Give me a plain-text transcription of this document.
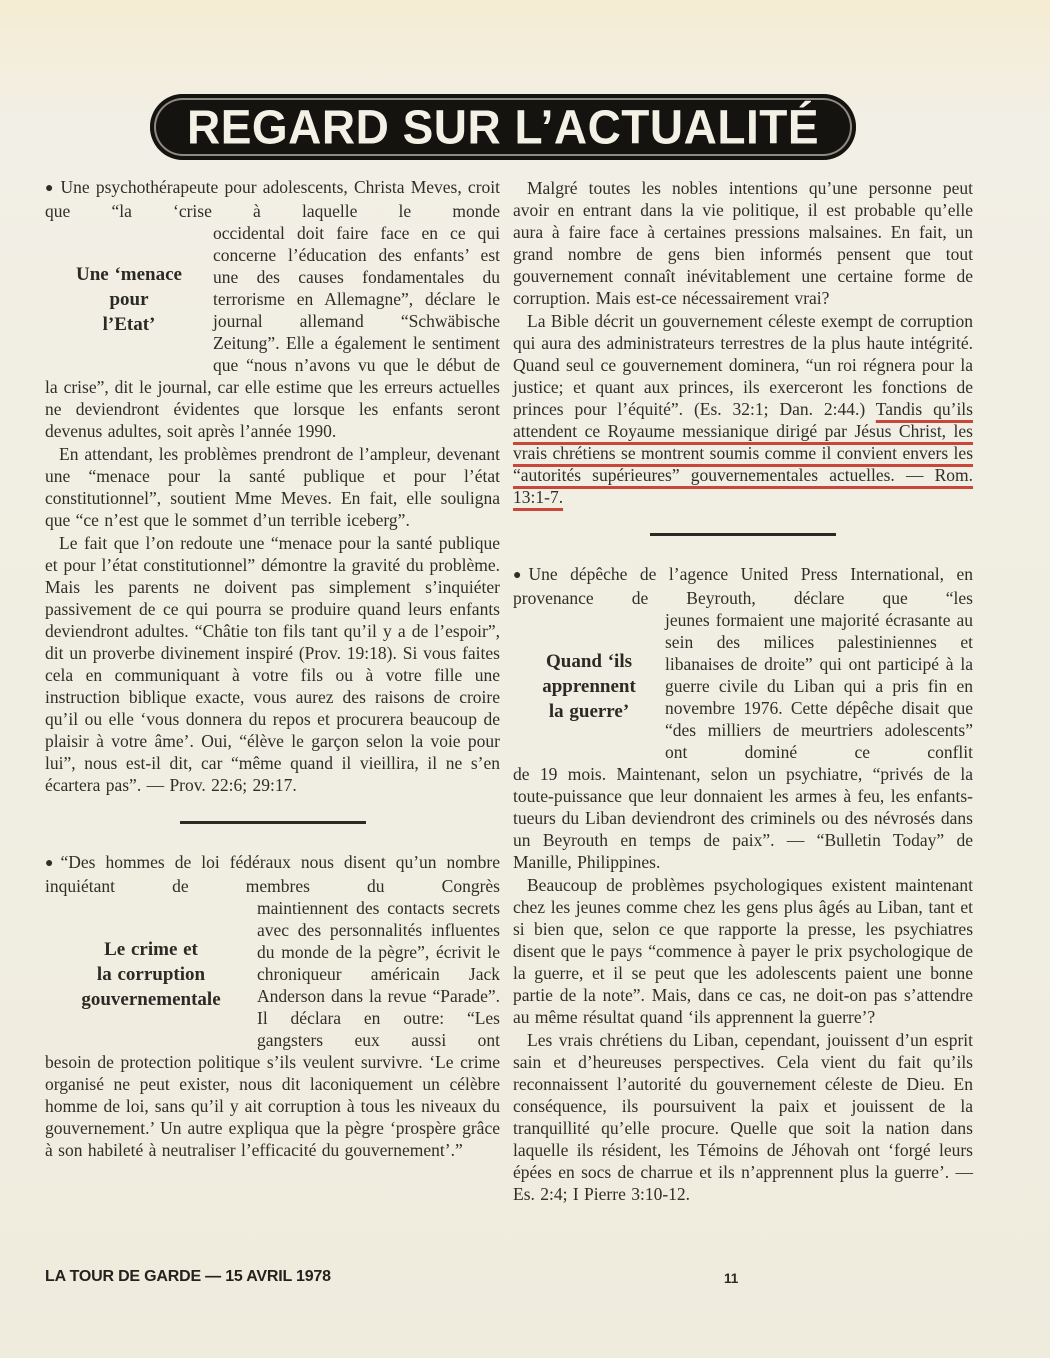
REGARD SUR L’ACTUALITÉ

● Une psychothérapeute pour adolescents, Christa Meves, croit que “la ‘crise à laquelle le monde

Une ‘menace
pour
l’Etat’
occidental doit faire face en ce qui concerne l’éducation des enfants’ est une des causes fondamentales du terrorisme en Allemagne”, déclare le journal allemand “Schwäbische Zeitung”. Elle a également le sentiment que “nous n’avons vu que le début de

la crise”, dit le journal, car elle estime que les erreurs actuelles ne deviendront évidentes que lorsque les enfants seront devenus adultes, soit après l’année 1990.

En attendant, les problèmes prendront de l’ampleur, devenant une “menace pour la santé publique et pour l’état constitutionnel”, soutient Mme Meves. En fait, elle souligna que “ce n’est que le sommet d’un terrible iceberg”.

Le fait que l’on redoute une “menace pour la santé publique et pour l’état constitutionnel” démontre la gravité du problème. Mais les parents ne doivent pas simplement s’inquiéter passivement de ce qui pourra se produire quand leurs enfants deviendront adultes. “Châtie ton fils tant qu’il y a de l’espoir”, dit un proverbe divinement inspiré (Prov. 19:18). Si vous faites cela en communiquant à votre fils ou à votre fille une instruction biblique exacte, vous aurez des raisons de croire qu’il ou elle ‘vous donnera du repos et procurera beaucoup de plaisir à votre âme’. Oui, “élève le garçon selon la voie pour lui”, nous est-il dit, car “même quand il vieillira, il ne s’en écartera pas”. — Prov. 22:6; 29:17.

● “Des hommes de loi fédéraux nous disent qu’un nombre inquiétant de membres du Congrès

Le crime et
la corruption
gouvernementale
maintiennent des contacts secrets avec des personnalités influentes du monde de la pègre”, écrivit le chroniqueur américain Jack Anderson dans la revue “Parade”. Il déclara en outre: “Les gangsters eux aussi ont

besoin de protection politique s’ils veulent survivre. ‘Le crime organisé ne peut exister, nous dit laconiquement un célèbre homme de loi, sans qu’il y ait corruption à tous les niveaux du gouvernement.’ Un autre expliqua que la pègre ‘prospère grâce à son habileté à neutraliser l’efficacité du gouvernement’.”

Malgré toutes les nobles intentions qu’une personne peut avoir en entrant dans la vie politique, il est probable qu’elle aura à faire face à certaines pressions malsaines. En fait, un grand nombre de gens bien informés pensent que tout gouvernement connaît inévitablement une certaine forme de corruption. Mais est-ce nécessairement vrai?

La Bible décrit un gouvernement céleste exempt de corruption qui aura des administrateurs terrestres de la plus haute intégrité. Quand seul ce gouvernement dominera, “un roi régnera pour la justice; et quant aux princes, ils exerceront les fonctions de princes pour l’équité”. (Es. 32:1; Dan. 2:44.) Tandis qu’ils attendent ce Royaume messianique dirigé par Jésus Christ, les vrais chrétiens se montrent soumis comme il convient envers les “autorités supérieures” gouvernementales actuelles. — Rom. 13:1-7.

● Une dépêche de l’agence United Press International, en provenance de Beyrouth, déclare que “les

Quand ‘ils
apprennent
la guerre’
jeunes formaient une majorité écrasante au sein des milices palestiniennes et libanaises de droite” qui ont participé à la guerre civile du Liban qui a pris fin en novembre 1976. Cette dépêche disait que “des milliers de meurtriers adolescents” ont dominé ce conflit

de 19 mois. Maintenant, selon un psychiatre, “privés de la toute-puissance que leur donnaient les armes à feu, les enfants-tueurs du Liban deviendront des criminels ou des névrosés dans un Beyrouth en temps de paix”. — “Bulletin Today” de Manille, Philippines.

Beaucoup de problèmes psychologiques existent maintenant chez les jeunes comme chez les gens plus âgés au Liban, tant et si bien que, selon ce que rapporte la presse, les psychiatres disent que le pays “commence à payer le prix psychologique de la guerre, et il se peut que les adolescents paient une bonne partie de la note”. Mais, dans ce cas, ne doit-on pas s’attendre au même résultat quand ‘ils apprennent la guerre’?

Les vrais chrétiens du Liban, cependant, jouissent d’un esprit sain et d’heureuses perspectives. Cela vient du fait qu’ils reconnaissent l’autorité du gouvernement céleste de Dieu. En conséquence, ils poursuivent la paix et jouissent de la tranquillité qu’elle procure. Quelle que soit la nation dans laquelle ils résident, les Témoins de Jéhovah ont ‘forgé leurs épées en socs de charrue et ils n’apprennent plus la guerre’. — Es. 2:4; I Pierre 3:10-12.

LA TOUR DE GARDE — 15 AVRIL 1978	11
